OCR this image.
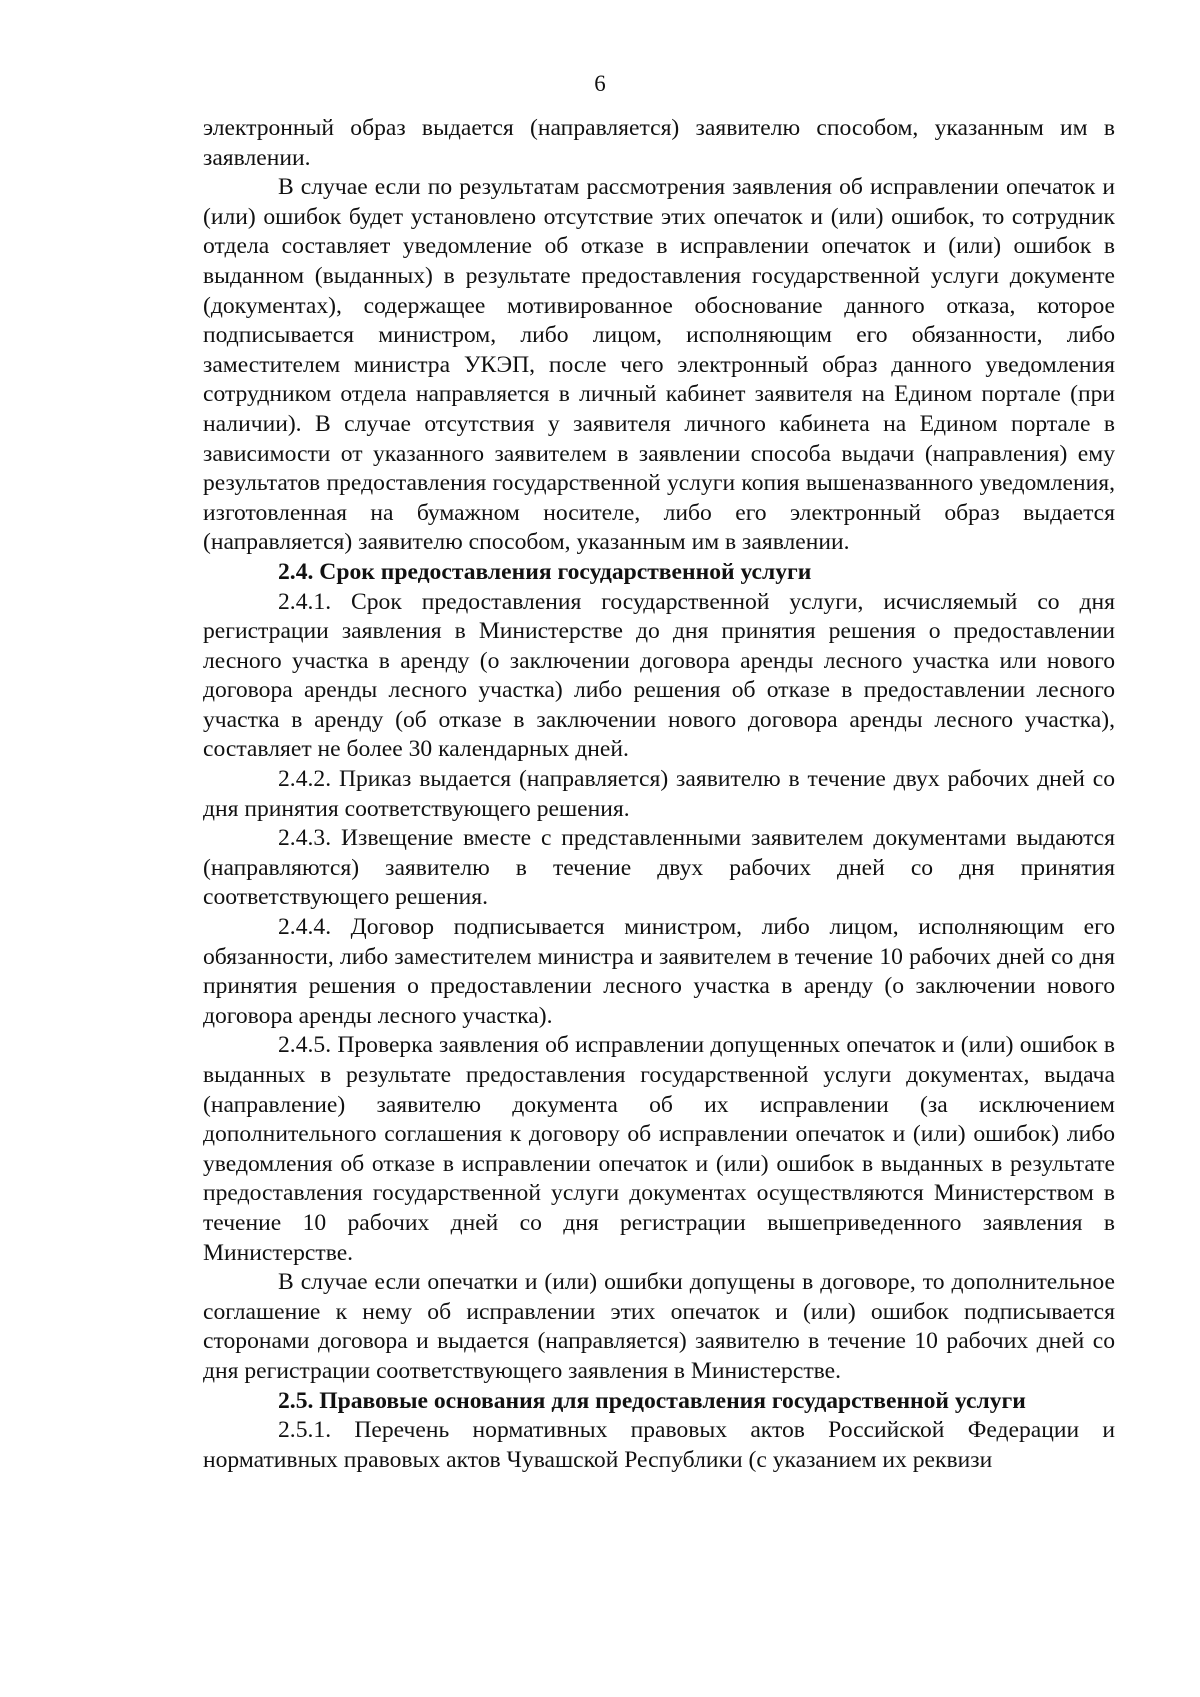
6

электронный образ выдается (направляется) заявителю способом, указанным им в заявлении.

В случае если по результатам рассмотрения заявления об исправлении опечаток и (или) ошибок будет установлено отсутствие этих опечаток и (или) ошибок, то сотрудник отдела составляет уведомление об отказе в исправлении опечаток и (или) ошибок в выданном (выданных) в результате предоставления государственной услуги документе (документах), содержащее мотивированное обоснование данного отказа, которое подписывается министром, либо лицом, исполняющим его обязанности, либо заместителем министра УКЭП, после чего электронный образ данного уведомления сотрудником отдела направляется в личный кабинет заявителя на Едином портале (при наличии). В случае отсутствия у заявителя личного кабинета на Едином портале в зависимости от указанного заявителем в заявлении способа выдачи (направления) ему результатов предоставления государственной услуги копия вышеназванного уведомления, изготовленная на бумажном носителе, либо его электронный образ выдается (направляется) заявителю способом, указанным им в заявлении.

2.4. Срок предоставления государственной услуги

2.4.1. Срок предоставления государственной услуги, исчисляемый со дня регистрации заявления в Министерстве до дня принятия решения о предоставлении лесного участка в аренду (о заключении договора аренды лесного участка или нового договора аренды лесного участка) либо решения об отказе в предоставлении лесного участка в аренду (об отказе в заключении нового договора аренды лесного участка), составляет не более 30 календарных дней.

2.4.2. Приказ выдается (направляется) заявителю в течение двух рабочих дней со дня принятия соответствующего решения.

2.4.3. Извещение вместе с представленными заявителем документами выдаются (направляются) заявителю в течение двух рабочих дней со дня принятия соответствующего решения.

2.4.4. Договор подписывается министром, либо лицом, исполняющим его обязанности, либо заместителем министра и заявителем в течение 10 рабочих дней со дня принятия решения о предоставлении лесного участка в аренду (о заключении нового договора аренды лесного участка).

2.4.5. Проверка заявления об исправлении допущенных опечаток и (или) ошибок в выданных в результате предоставления государственной услуги документах, выдача (направление) заявителю документа об их исправлении (за исключением дополнительного соглашения к договору об исправлении опечаток и (или) ошибок) либо уведомления об отказе в исправлении опечаток и (или) ошибок в выданных в результате предоставления государственной услуги документах осуществляются Министерством в течение 10 рабочих дней со дня регистрации вышеприведенного заявления в Министерстве.

В случае если опечатки и (или) ошибки допущены в договоре, то дополнительное соглашение к нему об исправлении этих опечаток и (или) ошибок подписывается сторонами договора и выдается (направляется) заявителю в течение 10 рабочих дней со дня регистрации соответствующего заявления в Министерстве.

2.5. Правовые основания для предоставления государственной услуги

2.5.1. Перечень нормативных правовых актов Российской Федерации и нормативных правовых актов Чувашской Республики (с указанием их реквизи
